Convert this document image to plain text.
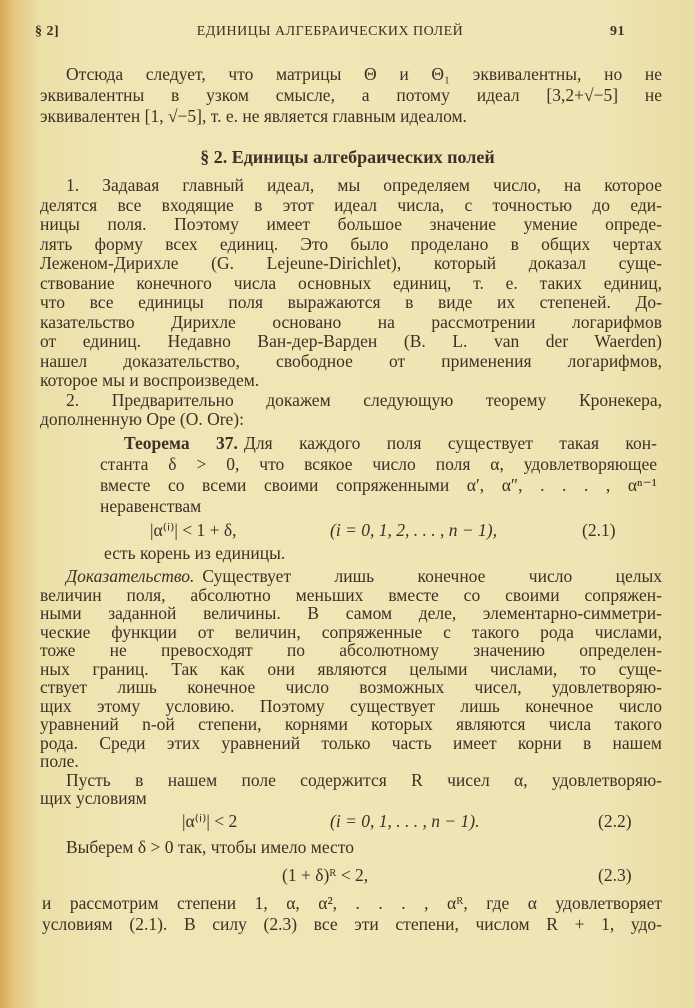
§ 2]	ЕДИНИЦЫ АЛГЕБРАИЧЕСКИХ ПОЛЕЙ	91
Отсюда следует, что матрицы Θ и Θ₁ эквивалентны, но не
эквивалентны в узком смысле, а потому идеал [3,2+√−5] не
эквивалентен [1, √−5], т. е. не является главным идеалом.
§ 2. Единицы алгебраических полей
1. Задавая главный идеал, мы определяем число, на которое
делятся все входящие в этот идеал числа, с точностью до еди-
ницы поля. Поэтому имеет большое значение умение опреде-
лять форму всех единиц. Это было проделано в общих чертах
Леженом-Дирихле (G. Lejeune-Dirichlet), который доказал суще-
ствование конечного числа основных единиц, т. е. таких единиц,
что все единицы поля выражаются в виде их степеней. До-
казательство Дирихле основано на рассмотрении логарифмов
от единиц. Недавно Ван-дер-Варден (B. L. van der Waerden)
нашел доказательство, свободное от применения логарифмов,
которое мы и воспроизведем.
2. Предварительно докажем следующую теорему Кронекера,
дополненную Оре (O. Ore):
Теорема 37. Для каждого поля существует такая кон-
станта δ > 0, что всякое число поля α, удовлетворяющее
вместе со всеми своими сопряженными α′, α″, . . . , αⁿ⁻¹
неравенствам
|α⁽ⁱ⁾| < 1 + δ,	(i = 0, 1, 2, . . . , n − 1),	(2.1)
есть корень из единицы.
Доказательство. Существует лишь конечное число целых
величин поля, абсолютно меньших вместе со своими сопряжен-
ными заданной величины. В самом деле, элементарно-симметри-
ческие функции от величин, сопряженные с такого рода числами,
тоже не превосходят по абсолютному значению определен-
ных границ. Так как они являются целыми числами, то суще-
ствует лишь конечное число возможных чисел, удовлетворяю-
щих этому условию. Поэтому существует лишь конечное число
уравнений n-ой степени, корнями которых являются числа такого
рода. Среди этих уравнений только часть имеет корни в нашем
поле.
Пусть в нашем поле содержится R чисел α, удовлетворяю-
щих условиям
|α⁽ⁱ⁾| < 2	(i = 0, 1, . . . , n − 1).	(2.2)
Выберем δ > 0 так, чтобы имело место
(1 + δ)ᴿ < 2,	(2.3)
и рассмотрим степени 1, α, α², . . . , αᴿ, где α удовлетворяет
условиям (2.1). В силу (2.3) все эти степени, числом R + 1, удо-
